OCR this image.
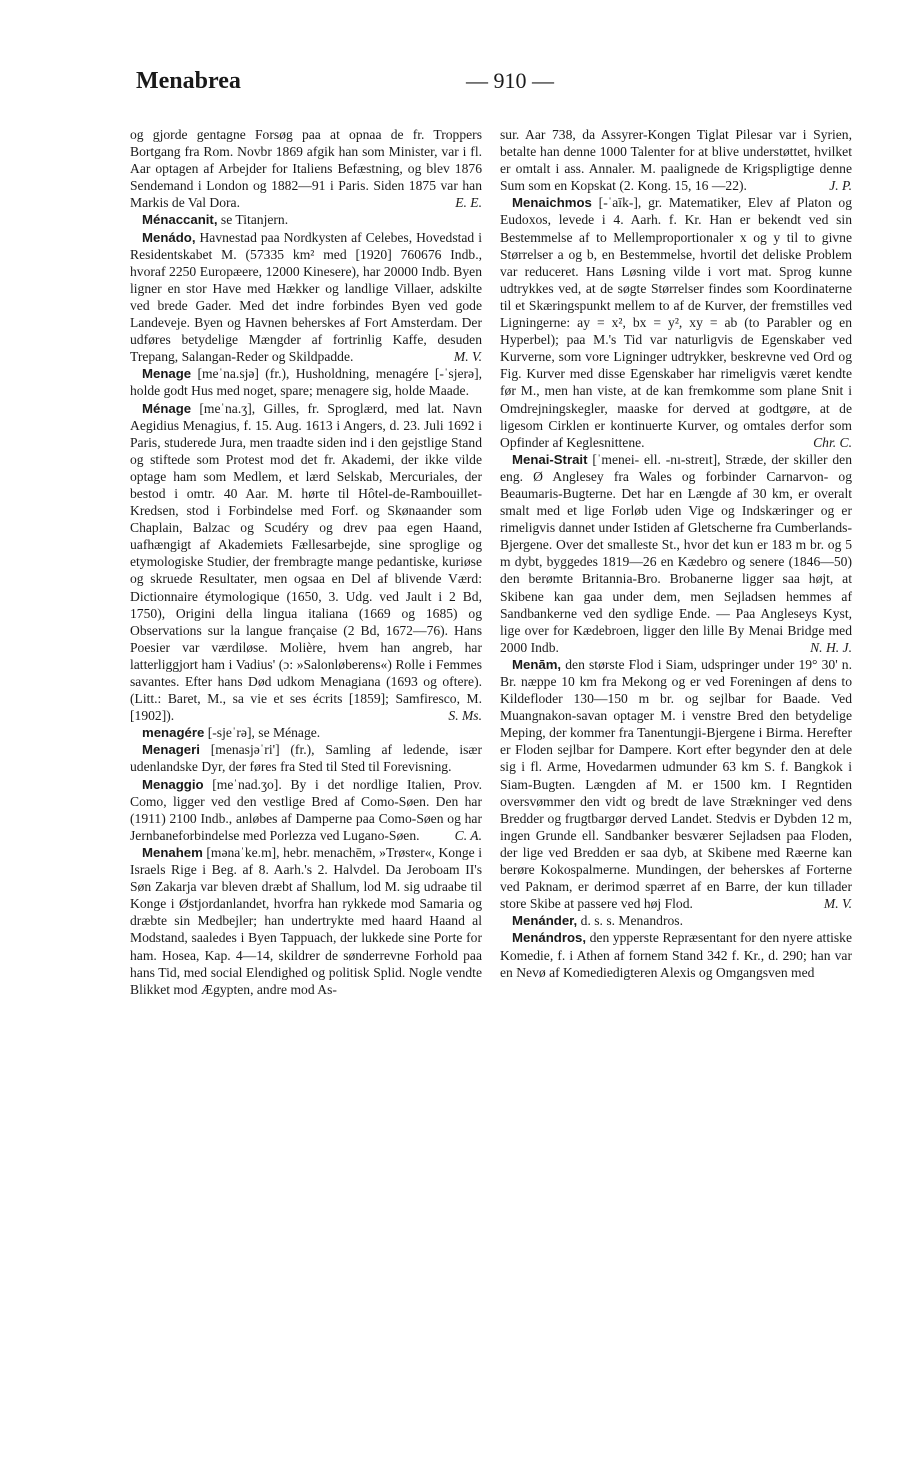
Menabrea	— 910 —

og gjorde gentagne Forsøg paa at opnaa de fr. Troppers Bortgang fra Rom. Novbr 1869 afgik han som Minister, var i fl. Aar optagen af Arbejder for Italiens Befæstning, og blev 1876 Sendemand i London og 1882—91 i Paris. Siden 1875 var han Markis de Val Dora.	E. E.

Ménaccanit, se Titanjern.

Menádo, Havnestad paa Nordkysten af Celebes, Hovedstad i Residentskabet M. (57335 km² med [1920] 760676 Indb., hvoraf 2250 Europæere, 12000 Kinesere), har 20000 Indb. Byen ligner en stor Have med Hækker og landlige Villaer, adskilte ved brede Gader. Med det indre forbindes Byen ved gode Landeveje. Byen og Havnen beherskes af Fort Amsterdam. Der udføres betydelige Mængder af fortrinlig Kaffe, desuden Trepang, Salangan-Reder og Skildpadde.	M. V.

Menage [meˈna.sjə] (fr.), Husholdning, menagére [-ˈsjerə], holde godt Hus med noget, spare; menagere sig, holde Maade.

Ménage [meˈna.ʒ], Gilles, fr. Sproglærd, med lat. Navn Aegidius Menagius, f. 15. Aug. 1613 i Angers, d. 23. Juli 1692 i Paris, studerede Jura, men traadte siden ind i den gejstlige Stand og stiftede som Protest mod det fr. Akademi, der ikke vilde optage ham som Medlem, et lærd Selskab, Mercuriales, der bestod i omtr. 40 Aar. M. hørte til Hôtel-de-Rambouillet-Kredsen, stod i Forbindelse med Forf. og Skønaander som Chaplain, Balzac og Scudéry og drev paa egen Haand, uafhængigt af Akademiets Fællesarbejde, sine sproglige og etymologiske Studier, der frembragte mange pedantiske, kuriøse og skruede Resultater, men ogsaa en Del af blivende Værd: Dictionnaire étymologique (1650, 3. Udg. ved Jault i 2 Bd, 1750), Origini della lingua italiana (1669 og 1685) og Observations sur la langue française (2 Bd, 1672—76). Hans Poesier var værdiløse. Molière, hvem han angreb, har latterliggjort ham i Vadius' (ɔ: »Salonløberens«) Rolle i Femmes savantes. Efter hans Død udkom Menagiana (1693 og oftere). (Litt.: Baret, M., sa vie et ses écrits [1859]; Samfiresco, M. [1902]).	S. Ms.

menagére [-sjeˈrə], se Ménage.

Menageri [menasjəˈri'] (fr.), Samling af ledende, især udenlandske Dyr, der føres fra Sted til Sted til Forevisning.

Menaggio [meˈnad.ʒo]. By i det nordlige Italien, Prov. Como, ligger ved den vestlige Bred af Como-Søen. Den har (1911) 2100 Indb., anløbes af Damperne paa Como-Søen og har Jernbaneforbindelse med Porlezza ved Lugano-Søen.	C. A.

Menahem [mənaˈke.m], hebr. menachēm, »Trøster«, Konge i Israels Rige i Beg. af 8. Aarh.'s 2. Halvdel. Da Jeroboam II's Søn Zakarja var bleven dræbt af Shallum, lod M. sig udraabe til Konge i Østjordanlandet, hvorfra han rykkede mod Samaria og dræbte sin Medbejler; han undertrykte med haard Haand al Modstand, saaledes i Byen Tappuach, der lukkede sine Porte for ham. Hosea, Kap. 4—14, skildrer de sønderrevne Forhold paa hans Tid, med social Elendighed og politisk Splid. Nogle vendte Blikket mod Ægypten, andre mod As-

sur. Aar 738, da Assyrer-Kongen Tiglat Pilesar var i Syrien, betalte han denne 1000 Talenter for at blive understøttet, hvilket er omtalt i ass. Annaler. M. paalignede de Krigspligtige denne Sum som en Kopskat (2. Kong. 15, 16 —22).	J. P.

Menaichmos [-ˈaīk-], gr. Matematiker, Elev af Platon og Eudoxos, levede i 4. Aarh. f. Kr. Han er bekendt ved sin Bestemmelse af to Mellemproportionaler x og y til to givne Størrelser a og b, en Bestemmelse, hvortil det deliske Problem var reduceret. Hans Løsning vilde i vort mat. Sprog kunne udtrykkes ved, at de søgte Størrelser findes som Koordinaterne til et Skæringspunkt mellem to af de Kurver, der fremstilles ved Ligningerne: ay = x², bx = y², xy = ab (to Parabler og en Hyperbel); paa M.'s Tid var naturligvis de Egenskaber ved Kurverne, som vore Ligninger udtrykker, beskrevne ved Ord og Fig. Kurver med disse Egenskaber har rimeligvis været kendte før M., men han viste, at de kan fremkomme som plane Snit i Omdrejningskegler, maaske for derved at godtgøre, at de ligesom Cirklen er kontinuerte Kurver, og omtales derfor som Opfinder af Keglesnittene.	Chr. C.

Menai-Strait [ˈmenei- ell. -nı-streıt], Stræde, der skiller den eng. Ø Anglesey fra Wales og forbinder Carnarvon- og Beaumaris-Bugterne. Det har en Længde af 30 km, er overalt smalt med et lige Forløb uden Vige og Indskæringer og er rimeligvis dannet under Istiden af Gletscherne fra Cumberlands-Bjergene. Over det smalleste St., hvor det kun er 183 m br. og 5 m dybt, byggedes 1819—26 en Kædebro og senere (1846—50) den berømte Britannia-Bro. Brobanerne ligger saa højt, at Skibene kan gaa under dem, men Sejladsen hemmes af Sandbankerne ved den sydlige Ende. — Paa Angleseys Kyst, lige over for Kædebroen, ligger den lille By Menai Bridge med 2000 Indb.	N. H. J.

Menām, den største Flod i Siam, udspringer under 19° 30' n. Br. næppe 10 km fra Mekong og er ved Foreningen af dens to Kildefloder 130—150 m br. og sejlbar for Baade. Ved Muangnakon-savan optager M. i venstre Bred den betydelige Meping, der kommer fra Tanentungji-Bjergene i Birma. Herefter er Floden sejlbar for Dampere. Kort efter begynder den at dele sig i fl. Arme, Hovedarmen udmunder 63 km S. f. Bangkok i Siam-Bugten. Længden af M. er 1500 km. I Regntiden oversvømmer den vidt og bredt de lave Strækninger ved dens Bredder og frugtbargør derved Landet. Stedvis er Dybden 12 m, ingen Grunde ell. Sandbanker besværer Sejladsen paa Floden, der lige ved Bredden er saa dyb, at Skibene med Ræerne kan berøre Kokospalmerne. Mundingen, der beherskes af Forterne ved Paknam, er derimod spærret af en Barre, der kun tillader store Skibe at passere ved høj Flod.	M. V.

Menánder, d. s. s. Menandros.

Menándros, den ypperste Repræsentant for den nyere attiske Komedie, f. i Athen af fornem Stand 342 f. Kr., d. 290; han var en Nevø af Komediedigteren Alexis og Omgangsven med
